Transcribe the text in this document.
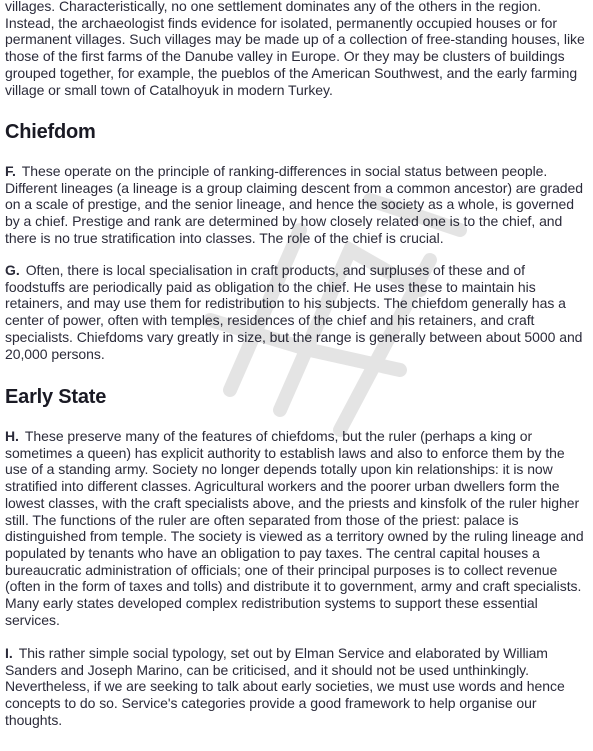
villages. Characteristically, no one settlement dominates any of the others in the region. Instead, the archaeologist finds evidence for isolated, permanently occupied houses or for permanent villages. Such villages may be made up of a collection of free-standing houses, like those of the first farms of the Danube valley in Europe. Or they may be clusters of buildings grouped together, for example, the pueblos of the American Southwest, and the early farming village or small town of Catalhoyuk in modern Turkey.

Chiefdom

F. These operate on the principle of ranking-differences in social status between people. Different lineages (a lineage is a group claiming descent from a common ancestor) are graded on a scale of prestige, and the senior lineage, and hence the society as a whole, is governed by a chief. Prestige and rank are determined by how closely related one is to the chief, and there is no true stratification into classes. The role of the chief is crucial.

G. Often, there is local specialisation in craft products, and surpluses of these and of foodstuffs are periodically paid as obligation to the chief. He uses these to maintain his retainers, and may use them for redistribution to his subjects. The chiefdom generally has a center of power, often with temples, residences of the chief and his retainers, and craft specialists. Chiefdoms vary greatly in size, but the range is generally between about 5000 and 20,000 persons.

Early State

H. These preserve many of the features of chiefdoms, but the ruler (perhaps a king or sometimes a queen) has explicit authority to establish laws and also to enforce them by the use of a standing army. Society no longer depends totally upon kin relationships: it is now stratified into different classes. Agricultural workers and the poorer urban dwellers form the lowest classes, with the craft specialists above, and the priests and kinsfolk of the ruler higher still. The functions of the ruler are often separated from those of the priest: palace is distinguished from temple. The society is viewed as a territory owned by the ruling lineage and populated by tenants who have an obligation to pay taxes. The central capital houses a bureaucratic administration of officials; one of their principal purposes is to collect revenue (often in the form of taxes and tolls) and distribute it to government, army and craft specialists. Many early states developed complex redistribution systems to support these essential services.

I. This rather simple social typology, set out by Elman Service and elaborated by William Sanders and Joseph Marino, can be criticised, and it should not be used unthinkingly. Nevertheless, if we are seeking to talk about early societies, we must use words and hence concepts to do so. Service's categories provide a good framework to help organise our thoughts.
